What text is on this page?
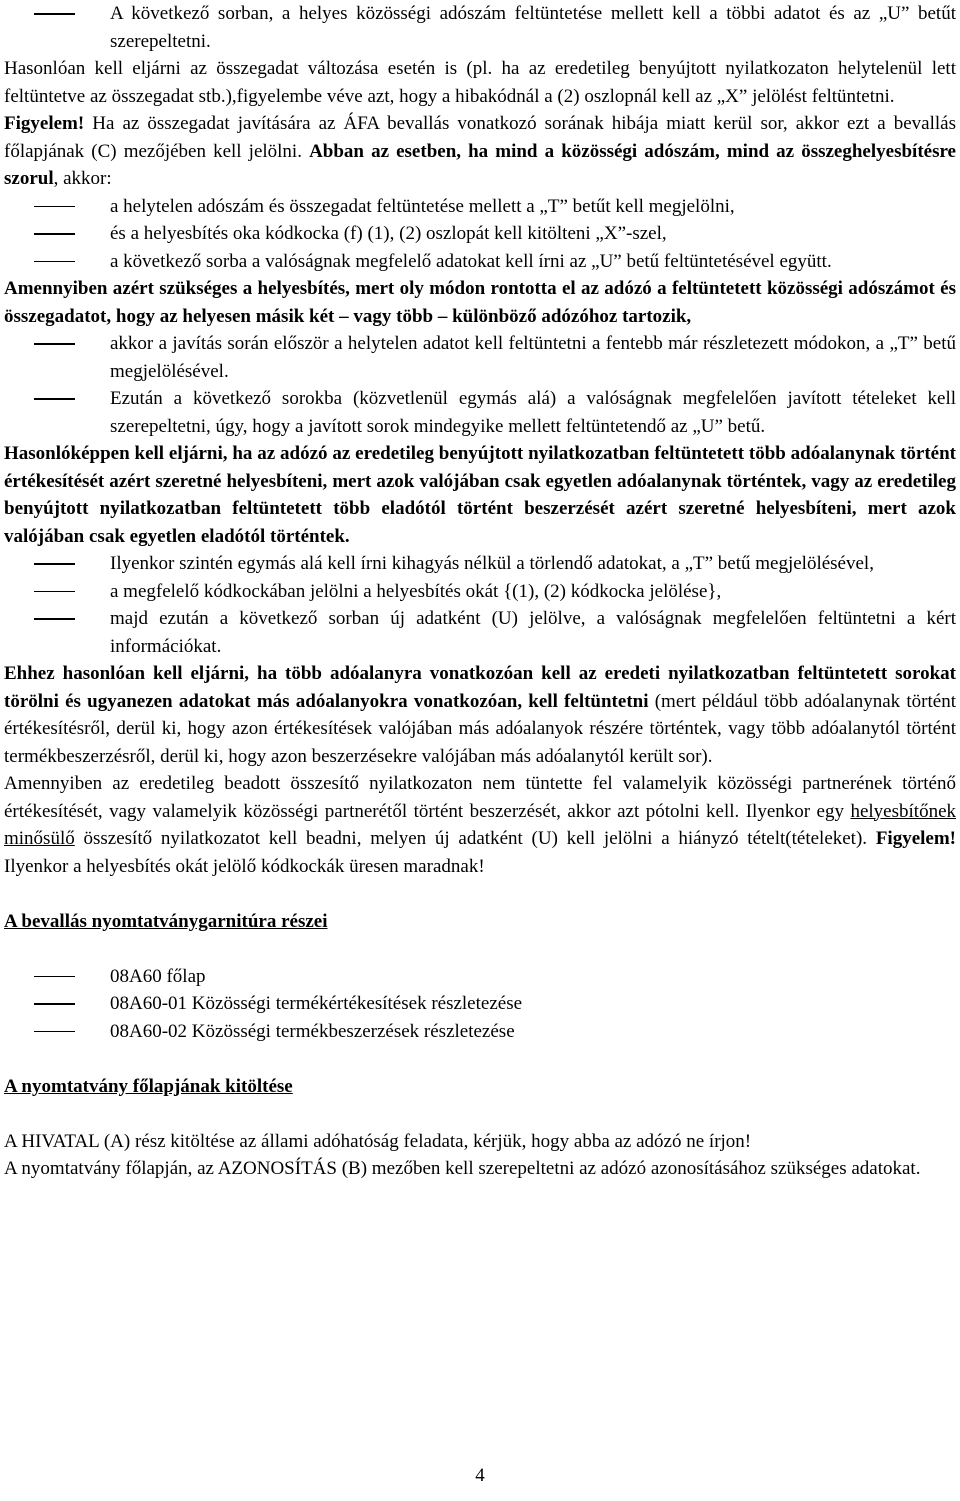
A következő sorban, a helyes közösségi adószám feltüntetése mellett kell a többi adatot és az „U” betűt szerepeltetni.

Hasonlóan kell eljárni az összegadat változása esetén is (pl. ha az eredetileg benyújtott nyilatkozaton helytelenül lett feltüntetve az összegadat stb.),figyelembe véve azt, hogy a hibakódnál a (2) oszlopnál kell az „X” jelölést feltüntetni.

Figyelem! Ha az összegadat javítására az ÁFA bevallás vonatkozó sorának hibája miatt kerül sor, akkor ezt a bevallás főlapjának (C) mezőjében kell jelölni. Abban az esetben, ha mind a közösségi adószám, mind az összeghelyesbítésre szorul, akkor:

a helytelen adószám és összegadat feltüntetése mellett a „T” betűt kell megjelölni,
és a helyesbítés oka kódkocka (f) (1), (2) oszlopát kell kitölteni „X”-szel,
a következő sorba a valóságnak megfelelő adatokat kell írni az „U” betű feltüntetésével együtt.

Amennyiben azért szükséges a helyesbítés, mert oly módon rontotta el az adózó a feltüntetett közösségi adószámot és összegadatot, hogy az helyesen másik két – vagy több – különböző adózóhoz tartozik,

akkor a javítás során először a helytelen adatot kell feltüntetni a fentebb már részletezett módokon, a „T” betű megjelölésével.
Ezután a következő sorokba (közvetlenül egymás alá) a valóságnak megfelelően javított tételeket kell szerepeltetni, úgy, hogy a javított sorok mindegyike mellett feltüntetendő az „U” betű.

Hasonlóképpen kell eljárni, ha az adózó az eredetileg benyújtott nyilatkozatban feltüntetett több adóalanynak történt értékesítését azért szeretné helyesbíteni, mert azok valójában csak egyetlen adóalanynak történtek, vagy az eredetileg benyújtott nyilatkozatban feltüntetett több eladótól történt beszerzését azért szeretné helyesbíteni, mert azok valójában csak egyetlen eladótól történtek.

Ilyenkor szintén egymás alá kell írni kihagyás nélkül a törlendő adatokat, a „T” betű megjelölésével,
a megfelelő kódkockában jelölni a helyesbítés okát {(1), (2) kódkocka jelölése},
majd ezután a következő sorban új adatként (U) jelölve, a valóságnak megfelelően feltüntetni a kért információkat.

Ehhez hasonlóan kell eljárni, ha több adóalanyra vonatkozóan kell az eredeti nyilatkozatban feltüntetett sorokat törölni és ugyanezen adatokat más adóalanyokra vonatkozóan, kell feltüntetni (mert például több adóalanynak történt értékesítésről, derül ki, hogy azon értékesítések valójában más adóalanyok részére történtek, vagy több adóalanytól történt termékbeszerzésről, derül ki, hogy azon beszerzésekre valójában más adóalanytól került sor).

Amennyiben az eredetileg beadott összesítő nyilatkozaton nem tüntette fel valamelyik közösségi partnerének történő értékesítését, vagy valamelyik közösségi partnerétől történt beszerzését, akkor azt pótolni kell. Ilyenkor egy helyesbítőnek minősülő összesítő nyilatkozatot kell beadni, melyen új adatként (U) kell jelölni a hiányzó tételt(tételeket). Figyelem! Ilyenkor a helyesbítés okát jelölő kódkockák üresen maradnak!

A bevallás nyomtatványgarnitúra részei

08A60 főlap
08A60-01 Közösségi termékértékesítések részletezése
08A60-02 Közösségi termékbeszerzések részletezése

A nyomtatvány főlapjának kitöltése

A HIVATAL (A) rész kitöltése az állami adóhatóság feladata, kérjük, hogy abba az adózó ne írjon!

A nyomtatvány főlapján, az AZONOSÍTÁS (B) mezőben kell szerepeltetni az adózó azonosításához szükséges adatokat.

4
